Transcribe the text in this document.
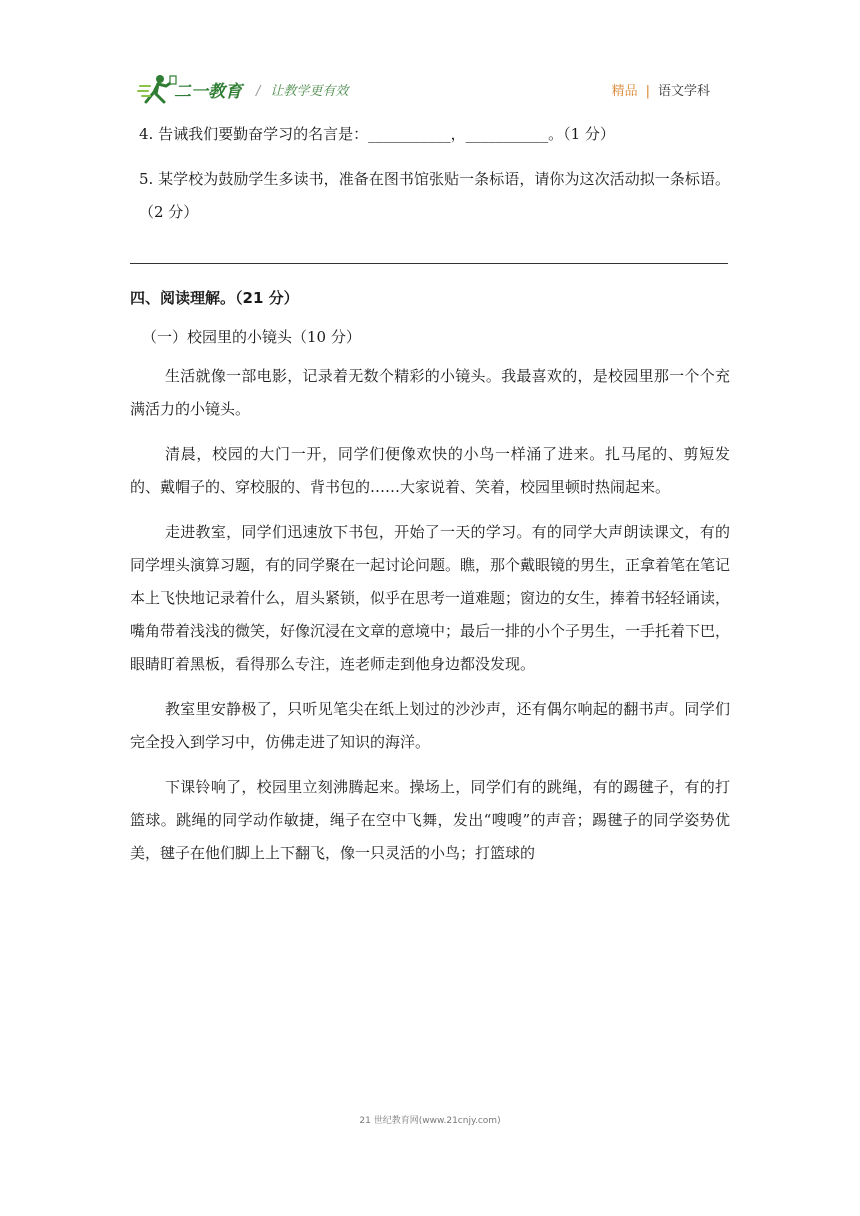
二一教育 / 让教学更有效	精品 | 语文学科

4. 告诫我们要勤奋学习的名言是：___________，___________。（1 分）

5. 某学校为鼓励学生多读书，准备在图书馆张贴一条标语，请你为这次活动拟一条标语。（2 分）

四、阅读理解。（21 分）

（一）校园里的小镜头（10 分）

生活就像一部电影，记录着无数个精彩的小镜头。我最喜欢的，是校园里那一个个充满活力的小镜头。

清晨，校园的大门一开，同学们便像欢快的小鸟一样涌了进来。扎马尾的、剪短发的、戴帽子的、穿校服的、背书包的……大家说着、笑着，校园里顿时热闹起来。

走进教室，同学们迅速放下书包，开始了一天的学习。有的同学大声朗读课文，有的同学埋头演算习题，有的同学聚在一起讨论问题。瞧，那个戴眼镜的男生，正拿着笔在笔记本上飞快地记录着什么，眉头紧锁，似乎在思考一道难题；窗边的女生，捧着书轻轻诵读，嘴角带着浅浅的微笑，好像沉浸在文章的意境中；最后一排的小个子男生，一手托着下巴，眼睛盯着黑板，看得那么专注，连老师走到他身边都没发现。

教室里安静极了，只听见笔尖在纸上划过的沙沙声，还有偶尔响起的翻书声。同学们完全投入到学习中，仿佛走进了知识的海洋。

下课铃响了，校园里立刻沸腾起来。操场上，同学们有的跳绳，有的踢毽子，有的打篮球。跳绳的同学动作敏捷，绳子在空中飞舞，发出“嗖嗖”的声音；踢毽子的同学姿势优美，毽子在他们脚上上下翻飞，像一只灵活的小鸟；打篮球的

21 世纪教育网(www.21cnjy.com)
